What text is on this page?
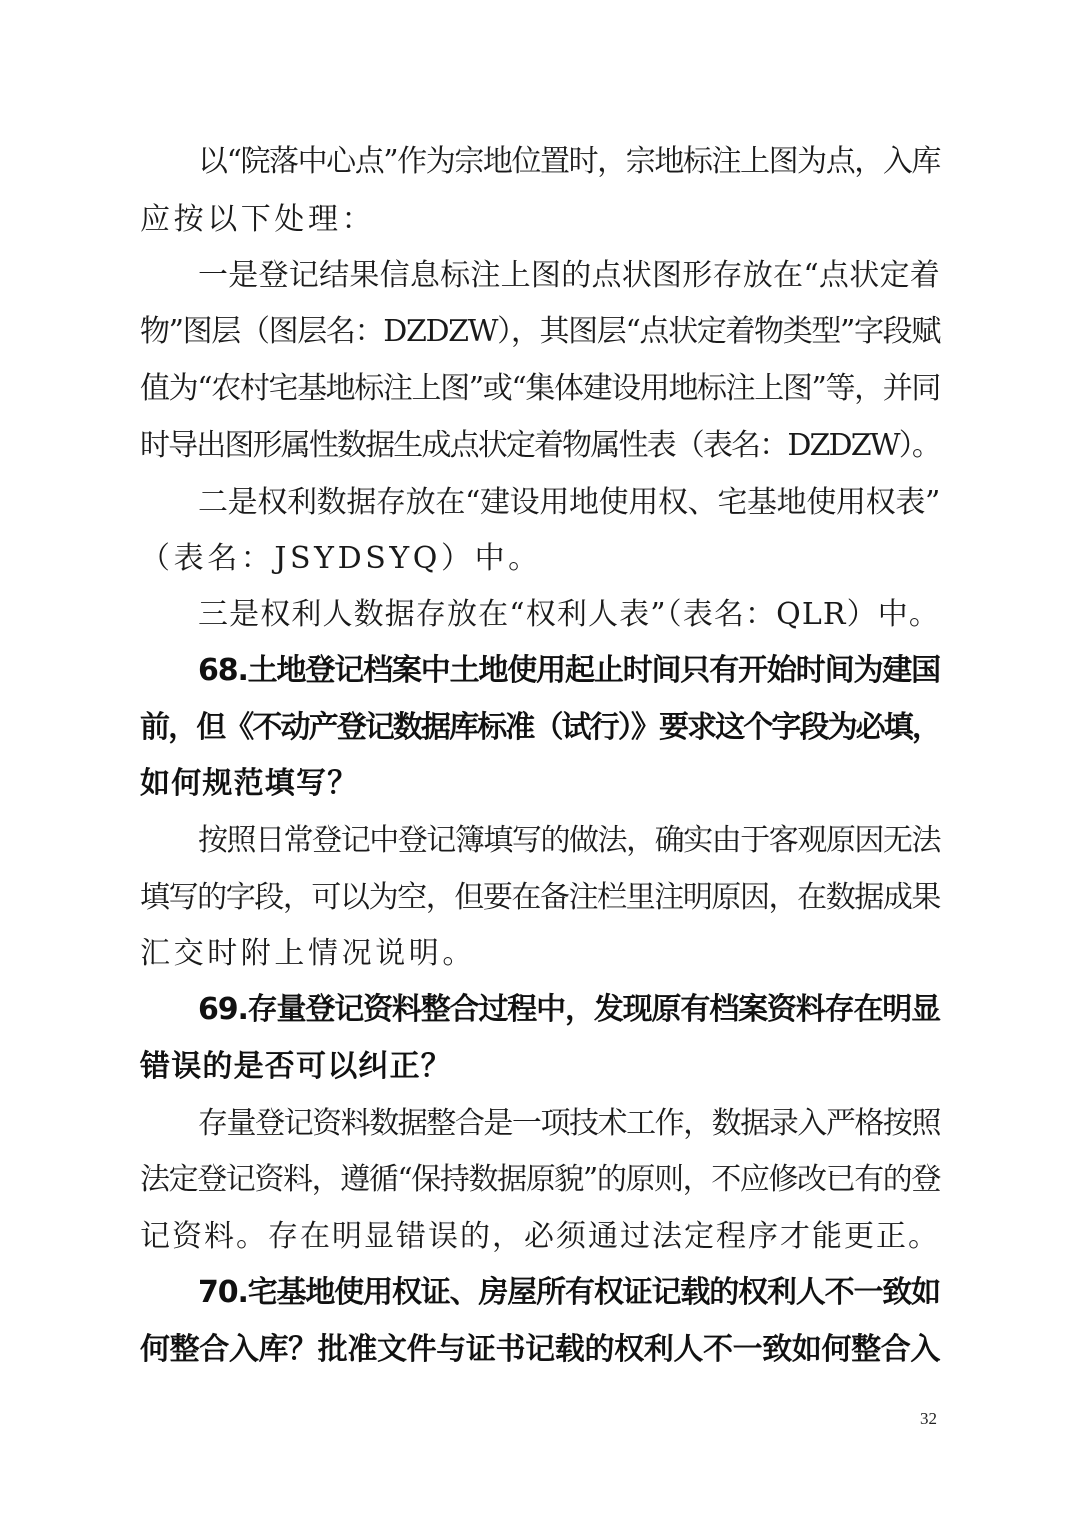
以“院落中心点”作为宗地位置时，宗地标注上图为点，入库
应按以下处理：
一是登记结果信息标注上图的点状图形存放在“点状定着
物”图层（图层名：DZDZW），其图层“点状定着物类型”字段赋
值为“农村宅基地标注上图”或“集体建设用地标注上图”等，并同
时导出图形属性数据生成点状定着物属性表（表名：DZDZW）。
二是权利数据存放在“建设用地使用权、宅基地使用权表”
（表名：JSYDSYQ）中。
三是权利人数据存放在“权利人表”（表名：QLR）中。
68.土地登记档案中土地使用起止时间只有开始时间为建国
前，但《不动产登记数据库标准（试行）》要求这个字段为必填，
如何规范填写？
按照日常登记中登记簿填写的做法，确实由于客观原因无法
填写的字段，可以为空，但要在备注栏里注明原因，在数据成果
汇交时附上情况说明。
69.存量登记资料整合过程中，发现原有档案资料存在明显
错误的是否可以纠正？
存量登记资料数据整合是一项技术工作，数据录入严格按照
法定登记资料，遵循“保持数据原貌”的原则，不应修改已有的登
记资料。存在明显错误的，必须通过法定程序才能更正。
70.宅基地使用权证、房屋所有权证记载的权利人不一致如
何整合入库？批准文件与证书记载的权利人不一致如何整合入
32
